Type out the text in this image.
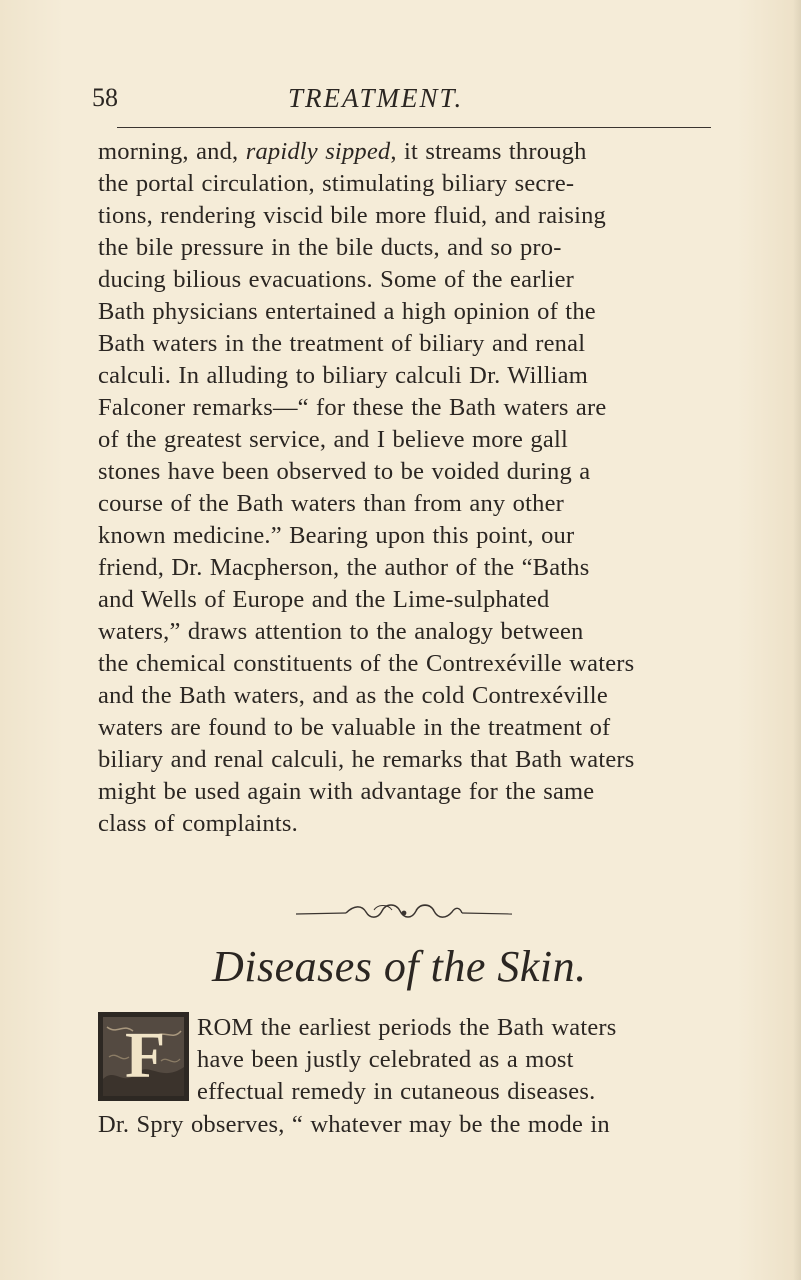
58	TREATMENT.

morning, and, rapidly sipped, it streams through

the portal circulation, stimulating biliary secre-

tions, rendering viscid bile more fluid, and raising

the bile pressure in the bile ducts, and so pro-

ducing bilious evacuations. Some of the earlier

Bath physicians entertained a high opinion of the

Bath waters in the treatment of biliary and renal

calculi. In alluding to biliary calculi Dr. William

Falconer remarks—“ for these the Bath waters are

of the greatest service, and I believe more gall

stones have been observed to be voided during a

course of the Bath waters than from any other

known medicine.” Bearing upon this point, our

friend, Dr. Macpherson, the author of the “Baths

and Wells of Europe and the Lime-sulphated

waters,” draws attention to the analogy between

the chemical constituents of the Contrexéville waters

and the Bath waters, and as the cold Contrexéville

waters are found to be valuable in the treatment of

biliary and renal calculi, he remarks that Bath waters

might be used again with advantage for the same

class of complaints.

Diseases of the Skin.
F ROM the earliest periods the Bath waters

have been justly celebrated as a most

effectual remedy in cutaneous diseases.

Dr. Spry observes, “ whatever may be the mode in
